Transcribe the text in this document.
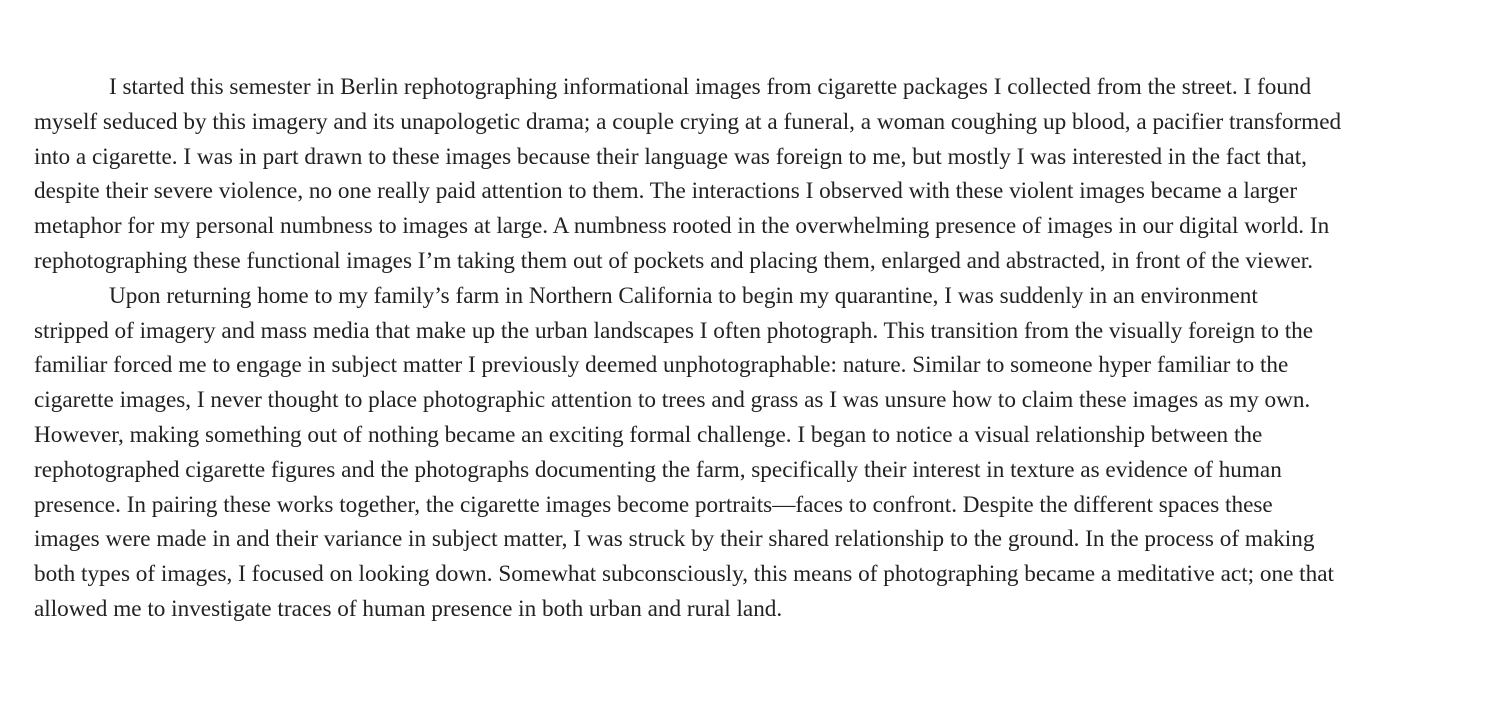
I started this semester in Berlin rephotographing informational images from cigarette packages I collected from the street. I found
myself seduced by this imagery and its unapologetic drama; a couple crying at a funeral, a woman coughing up blood, a pacifier transformed
into a cigarette. I was in part drawn to these images because their language was foreign to me, but mostly I was interested in the fact that,
despite their severe violence, no one really paid attention to them. The interactions I observed with these violent images became a larger
metaphor for my personal numbness to images at large. A numbness rooted in the overwhelming presence of images in our digital world. In
rephotographing these functional images I’m taking them out of pockets and placing them, enlarged and abstracted, in front of the viewer.

Upon returning home to my family’s farm in Northern California to begin my quarantine, I was suddenly in an environment
stripped of imagery and mass media that make up the urban landscapes I often photograph. This transition from the visually foreign to the
familiar forced me to engage in subject matter I previously deemed unphotographable: nature. Similar to someone hyper familiar to the
cigarette images, I never thought to place photographic attention to trees and grass as I was unsure how to claim these images as my own.
However, making something out of nothing became an exciting formal challenge. I began to notice a visual relationship between the
rephotographed cigarette figures and the photographs documenting the farm, specifically their interest in texture as evidence of human
presence. In pairing these works together, the cigarette images become portraits—faces to confront. Despite the different spaces these
images were made in and their variance in subject matter, I was struck by their shared relationship to the ground. In the process of making
both types of images, I focused on looking down. Somewhat subconsciously, this means of photographing became a meditative act; one that
allowed me to investigate traces of human presence in both urban and rural land.
